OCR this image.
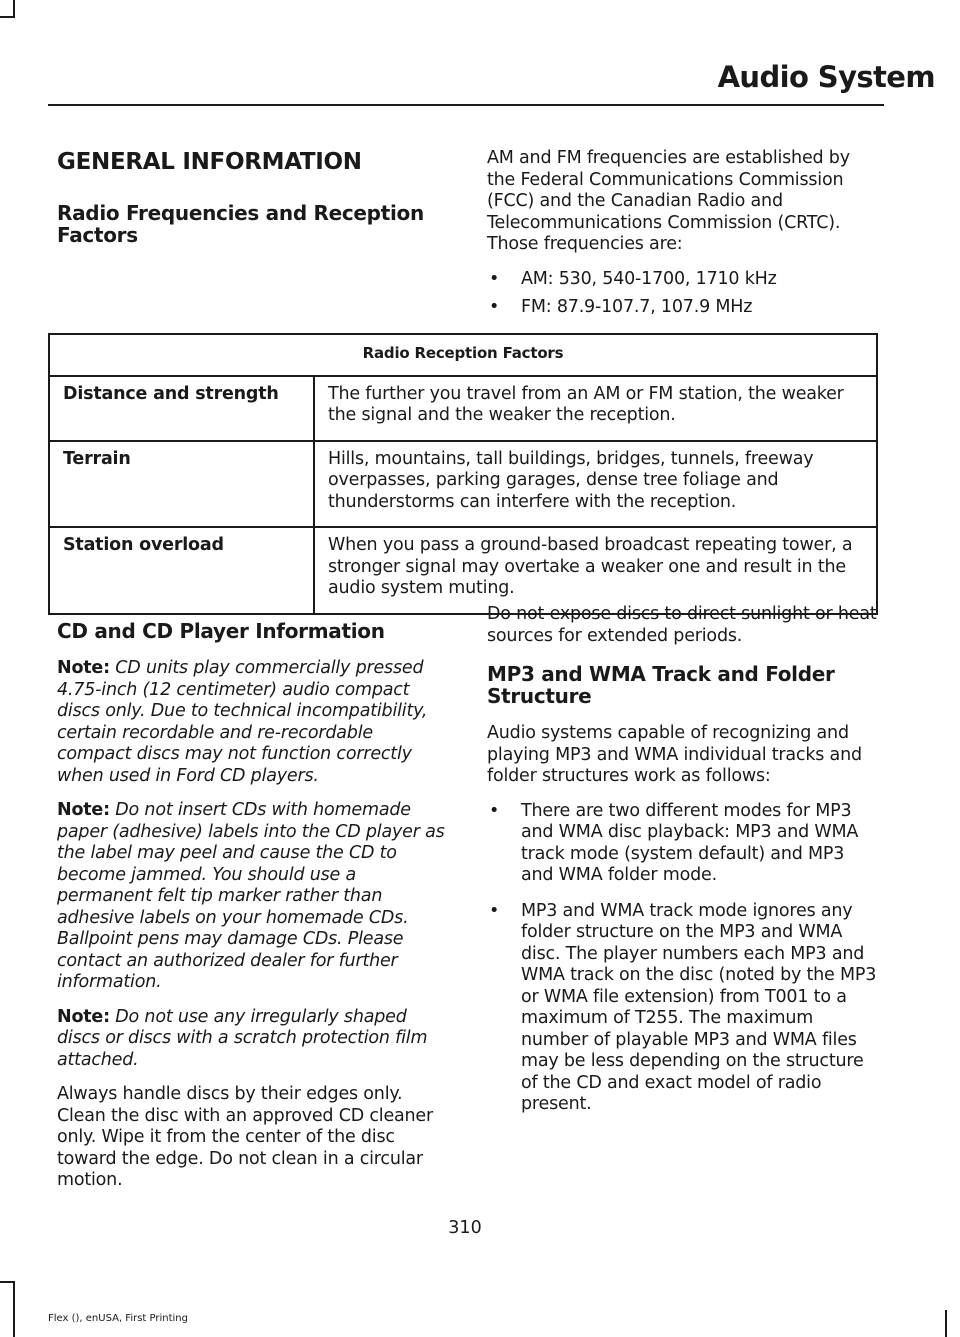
Audio System
GENERAL INFORMATION
Radio Frequencies and Reception Factors

AM and FM frequencies are established by the Federal Communications Commission (FCC) and the Canadian Radio and Telecommunications Commission (CRTC). Those frequencies are:

• AM: 530, 540-1700, 1710 kHz
• FM: 87.9-107.7, 107.9 MHz
Radio Reception Factors	
Distance and strength	The further you travel from an AM or FM station, the weaker the signal and the weaker the reception.
Terrain	Hills, mountains, tall buildings, bridges, tunnels, freeway overpasses, parking garages, dense tree foliage and thunderstorms can interfere with the reception.
Station overload	When you pass a ground-based broadcast repeating tower, a stronger signal may overtake a weaker one and result in the audio system muting.
CD and CD Player Information

Note: CD units play commercially pressed 4.75-inch (12 centimeter) audio compact discs only. Due to technical incompatibility, certain recordable and re-recordable compact discs may not function correctly when used in Ford CD players.

Note: Do not insert CDs with homemade paper (adhesive) labels into the CD player as the label may peel and cause the CD to become jammed. You should use a permanent felt tip marker rather than adhesive labels on your homemade CDs. Ballpoint pens may damage CDs. Please contact an authorized dealer for further information.

Note: Do not use any irregularly shaped discs or discs with a scratch protection film attached.

Always handle discs by their edges only. Clean the disc with an approved CD cleaner only. Wipe it from the center of the disc toward the edge. Do not clean in a circular motion.

Do not expose discs to direct sunlight or heat sources for extended periods.

MP3 and WMA Track and Folder Structure

Audio systems capable of recognizing and playing MP3 and WMA individual tracks and folder structures work as follows:

• There are two different modes for MP3 and WMA disc playback: MP3 and WMA track mode (system default) and MP3 and WMA folder mode.
• MP3 and WMA track mode ignores any folder structure on the MP3 and WMA disc. The player numbers each MP3 and WMA track on the disc (noted by the MP3 or WMA file extension) from T001 to a maximum of T255. The maximum number of playable MP3 and WMA files may be less depending on the structure of the CD and exact model of radio present.
310
Flex (), enUSA, First Printing
